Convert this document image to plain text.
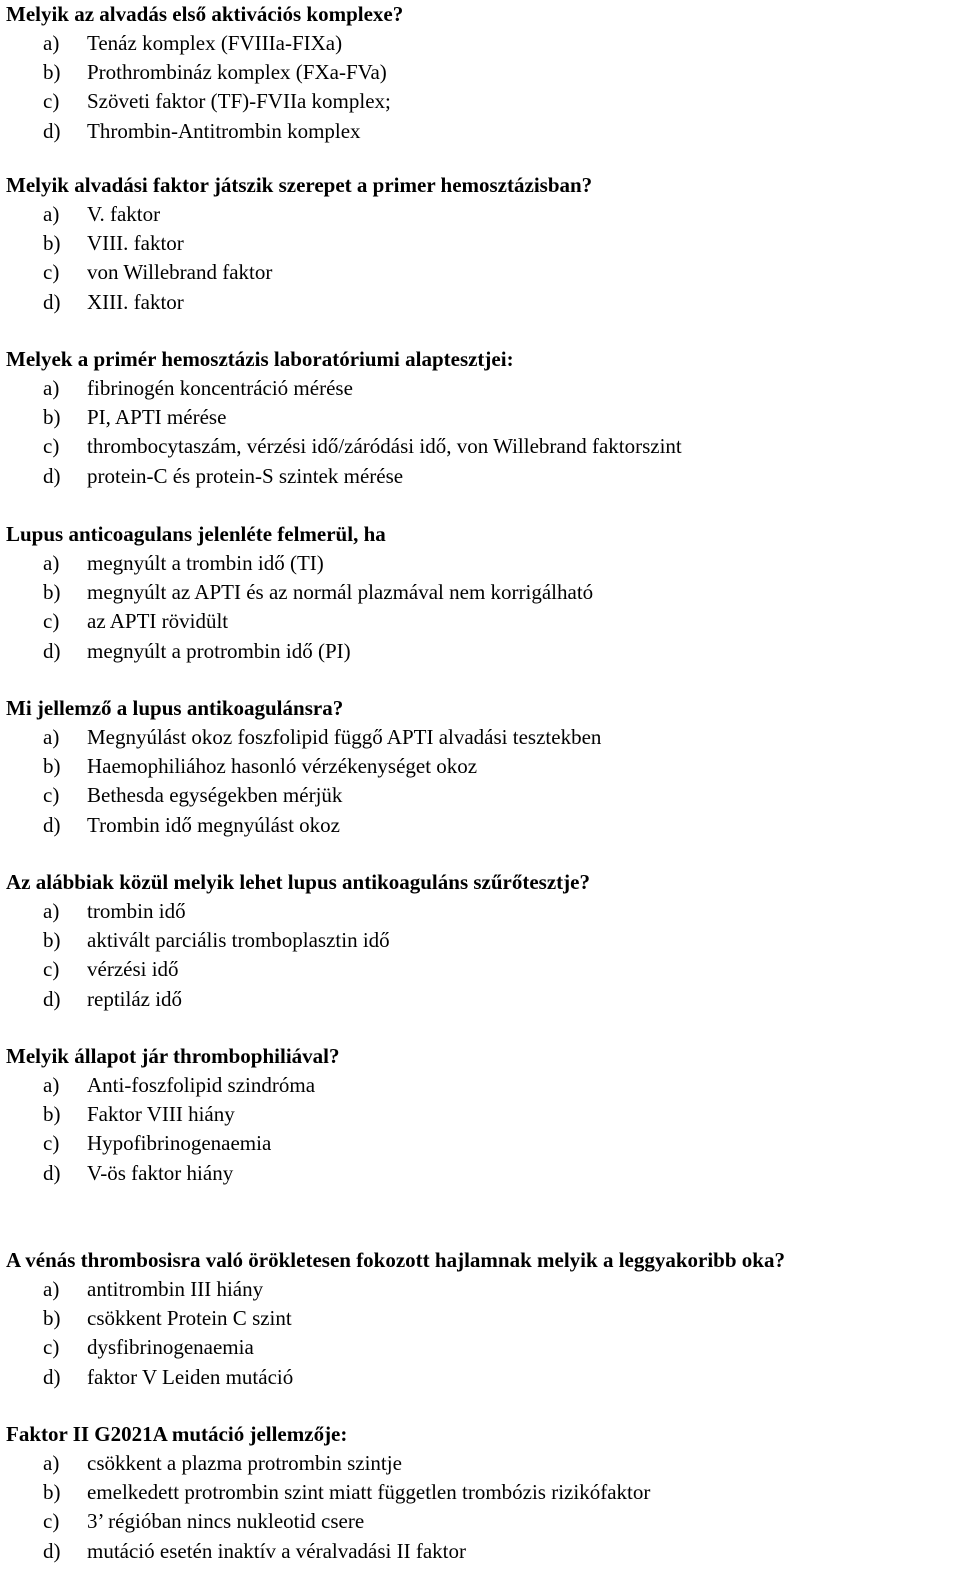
Melyik az alvadás első aktivációs komplexe?
a) Tenáz komplex (FVIIIa-FIXa)
b) Prothrombináz komplex (FXa-FVa)
c) Szöveti faktor (TF)-FVIIa komplex;
d) Thrombin-Antitrombin komplex
Melyik alvadási faktor játszik szerepet a primer hemosztázisban?
a) V. faktor
b) VIII. faktor
c) von Willebrand faktor
d) XIII. faktor
Melyek a primér hemosztázis laboratóriumi alaptesztjei:
a) fibrinogén koncentráció mérése
b) PI, APTI mérése
c) thrombocytaszám, vérzési idő/záródási idő, von Willebrand faktorszint
d) protein-C és protein-S szintek mérése
Lupus anticoagulans jelenléte felmerül, ha
a) megnyúlt a trombin idő (TI)
b) megnyúlt az APTI és az normál plazmával nem korrigálható
c) az APTI rövidült
d) megnyúlt a protrombin idő (PI)
Mi jellemző a lupus antikoagulánsra?
a) Megnyúlást okoz foszfolipid függő APTI alvadási tesztekben
b) Haemophiliához hasonló vérzékenységet okoz
c) Bethesda egységekben mérjük
d) Trombin idő megnyúlást okoz
Az alábbiak közül melyik lehet lupus antikoaguláns szűrőtesztje?
a) trombin idő
b) aktivált parciális tromboplasztin idő
c) vérzési idő
d) reptiláz idő
Melyik állapot jár thrombophiliával?
a) Anti-foszfolipid szindróma
b) Faktor VIII hiány
c) Hypofibrinogenaemia
d) V-ös faktor hiány
A vénás thrombosisra való örökletesen fokozott hajlamnak melyik a leggyakoribb oka?
a) antitrombin III hiány
b) csökkent Protein C szint
c) dysfibrinogenaemia
d) faktor V Leiden mutáció
Faktor II G2021A mutáció jellemzője:
a) csökkent a plazma protrombin szintje
b) emelkedett protrombin szint miatt független trombózis rizikófaktor
c) 3’ régióban nincs nukleotid csere
d) mutáció esetén inaktív a véralvadási II faktor
